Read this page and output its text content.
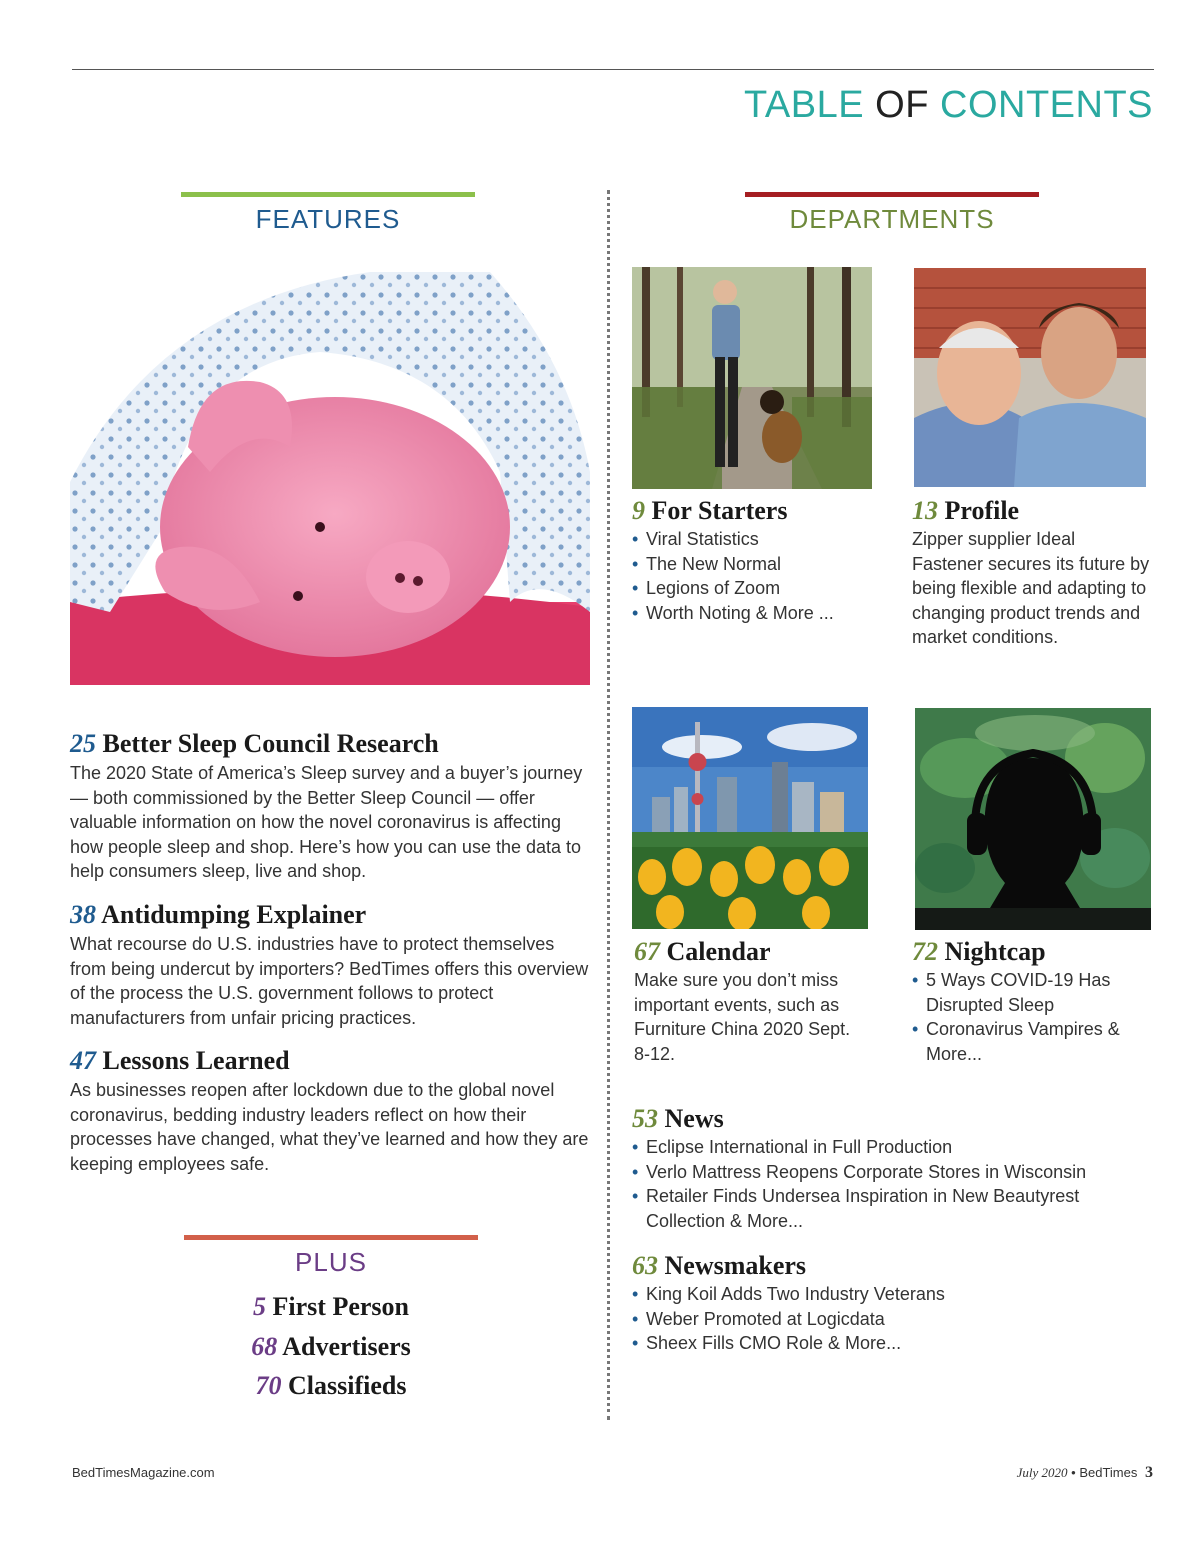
TABLE OF CONTENTS
FEATURES
25 Better Sleep Council Research
The 2020 State of America’s Sleep survey and a buyer’s journey — both commissioned by the Better Sleep Council — offer valuable information on how the novel coronavirus is affecting how people sleep and shop. Here’s how you can use the data to help consumers sleep, live and shop.
38 Antidumping Explainer
What recourse do U.S. industries have to protect themselves from being undercut by importers? BedTimes offers this overview of the process the U.S. government follows to protect manufacturers from unfair pricing practices.
47 Lessons Learned
As businesses reopen after lockdown due to the global novel coronavirus, bedding industry leaders reflect on how their processes have changed, what they’ve learned and how they are keeping employees safe.
PLUS
5 First Person
68 Advertisers
70 Classifieds
DEPARTMENTS
9 For Starters
• Viral Statistics
• The New Normal
• Legions of Zoom
• Worth Noting & More ...
13 Profile
Zipper supplier Ideal Fastener secures its future by being flexible and adapting to changing product trends and market conditions.
67 Calendar
Make sure you don’t miss important events, such as Furniture China 2020 Sept. 8-12.
72 Nightcap
• 5 Ways COVID-19 Has Disrupted Sleep
• Coronavirus Vampires & More...
53 News
• Eclipse International in Full Production
• Verlo Mattress Reopens Corporate Stores in Wisconsin
• Retailer Finds Undersea Inspiration in New Beautyrest Collection & More...
63 Newsmakers
• King Koil Adds Two Industry Veterans
• Weber Promoted at Logicdata
• Sheex Fills CMO Role & More...
BedTimesMagazine.com	July 2020 • BedTimes 3
